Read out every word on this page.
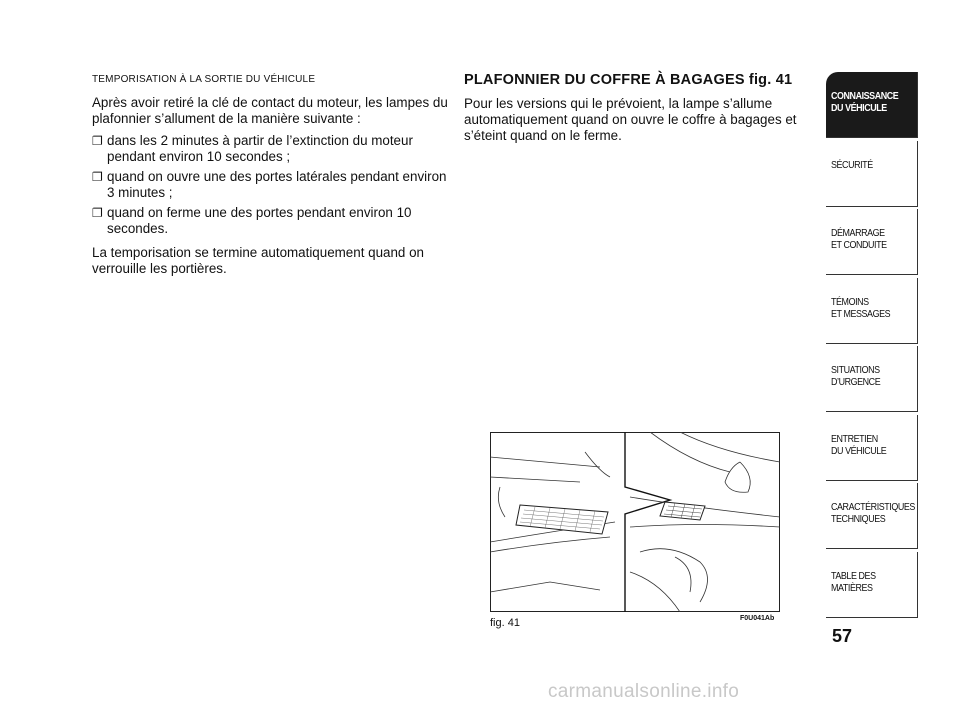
TEMPORISATION À LA SORTIE DU VÉHICULE

Après avoir retiré la clé de contact du moteur, les lampes du plafonnier s’allument de la manière suivante :

❐ dans les 2 minutes à partir de l’extinction du moteur pendant environ 10 secondes ;
❐ quand on ouvre une des portes latérales pendant environ 3 minutes ;
❐ quand on ferme une des portes pendant environ 10 secondes.

La temporisation se termine automatiquement quand on verrouille les portières.

PLAFONNIER DU COFFRE À BAGAGES fig. 41

Pour les versions qui le prévoient, la lampe s’allume automatiquement quand on ouvre le coffre à bagages et s’éteint quand on le ferme.

fig. 41	F0U041Ab
57
CONNAISSANCE
DU VÉHICULE
SÉCURITÉ
DÉMARRAGE
ET CONDUITE
TÉMOINS
ET MESSAGES
SITUATIONS
D’URGENCE
ENTRETIEN
DU VÉHICULE
CARACTÉRISTIQUES
TECHNIQUES
TABLE DES
MATIÈRES
carmanualsonline.info
